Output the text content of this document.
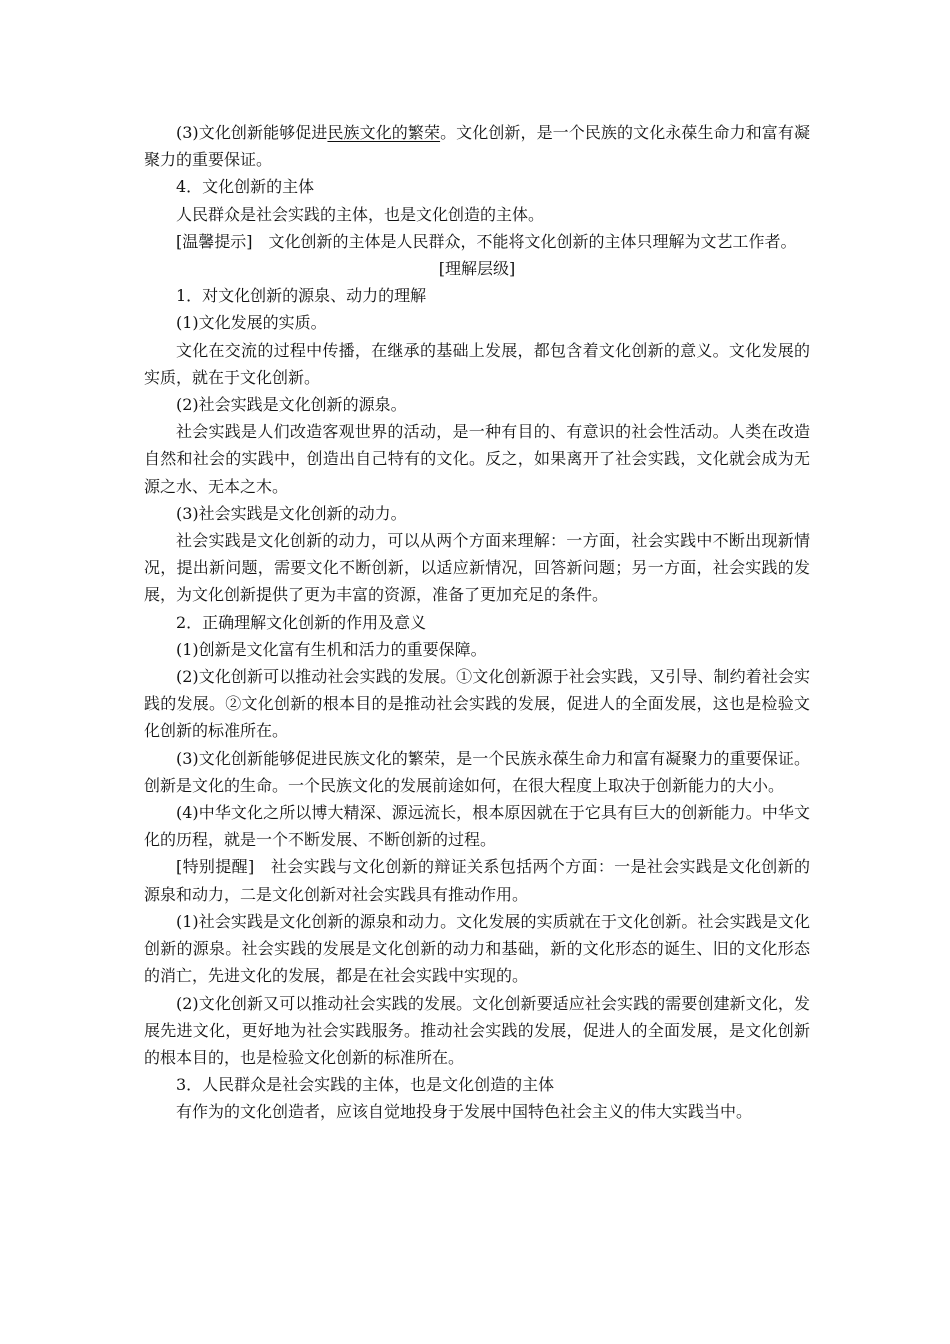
(3)文化创新能够促进民族文化的繁荣。文化创新，是一个民族的文化永葆生命力和富有凝聚力的重要保证。

4．文化创新的主体

人民群众是社会实践的主体，也是文化创造的主体。

[温馨提示]　文化创新的主体是人民群众，不能将文化创新的主体只理解为文艺工作者。

[理解层级]

1．对文化创新的源泉、动力的理解

(1)文化发展的实质。

文化在交流的过程中传播，在继承的基础上发展，都包含着文化创新的意义。文化发展的实质，就在于文化创新。

(2)社会实践是文化创新的源泉。

社会实践是人们改造客观世界的活动，是一种有目的、有意识的社会性活动。人类在改造自然和社会的实践中，创造出自己特有的文化。反之，如果离开了社会实践，文化就会成为无源之水、无本之木。

(3)社会实践是文化创新的动力。

社会实践是文化创新的动力，可以从两个方面来理解：一方面，社会实践中不断出现新情况，提出新问题，需要文化不断创新，以适应新情况，回答新问题；另一方面，社会实践的发展，为文化创新提供了更为丰富的资源，准备了更加充足的条件。

2．正确理解文化创新的作用及意义

(1)创新是文化富有生机和活力的重要保障。

(2)文化创新可以推动社会实践的发展。①文化创新源于社会实践，又引导、制约着社会实践的发展。②文化创新的根本目的是推动社会实践的发展，促进人的全面发展，这也是检验文化创新的标准所在。

(3)文化创新能够促进民族文化的繁荣，是一个民族永葆生命力和富有凝聚力的重要保证。创新是文化的生命。一个民族文化的发展前途如何，在很大程度上取决于创新能力的大小。

(4)中华文化之所以博大精深、源远流长，根本原因就在于它具有巨大的创新能力。中华文化的历程，就是一个不断发展、不断创新的过程。

[特别提醒]　社会实践与文化创新的辩证关系包括两个方面：一是社会实践是文化创新的源泉和动力，二是文化创新对社会实践具有推动作用。

(1)社会实践是文化创新的源泉和动力。文化发展的实质就在于文化创新。社会实践是文化创新的源泉。社会实践的发展是文化创新的动力和基础，新的文化形态的诞生、旧的文化形态的消亡，先进文化的发展，都是在社会实践中实现的。

(2)文化创新又可以推动社会实践的发展。文化创新要适应社会实践的需要创建新文化，发展先进文化，更好地为社会实践服务。推动社会实践的发展，促进人的全面发展，是文化创新的根本目的，也是检验文化创新的标准所在。

3．人民群众是社会实践的主体，也是文化创造的主体

有作为的文化创造者，应该自觉地投身于发展中国特色社会主义的伟大实践当中。
